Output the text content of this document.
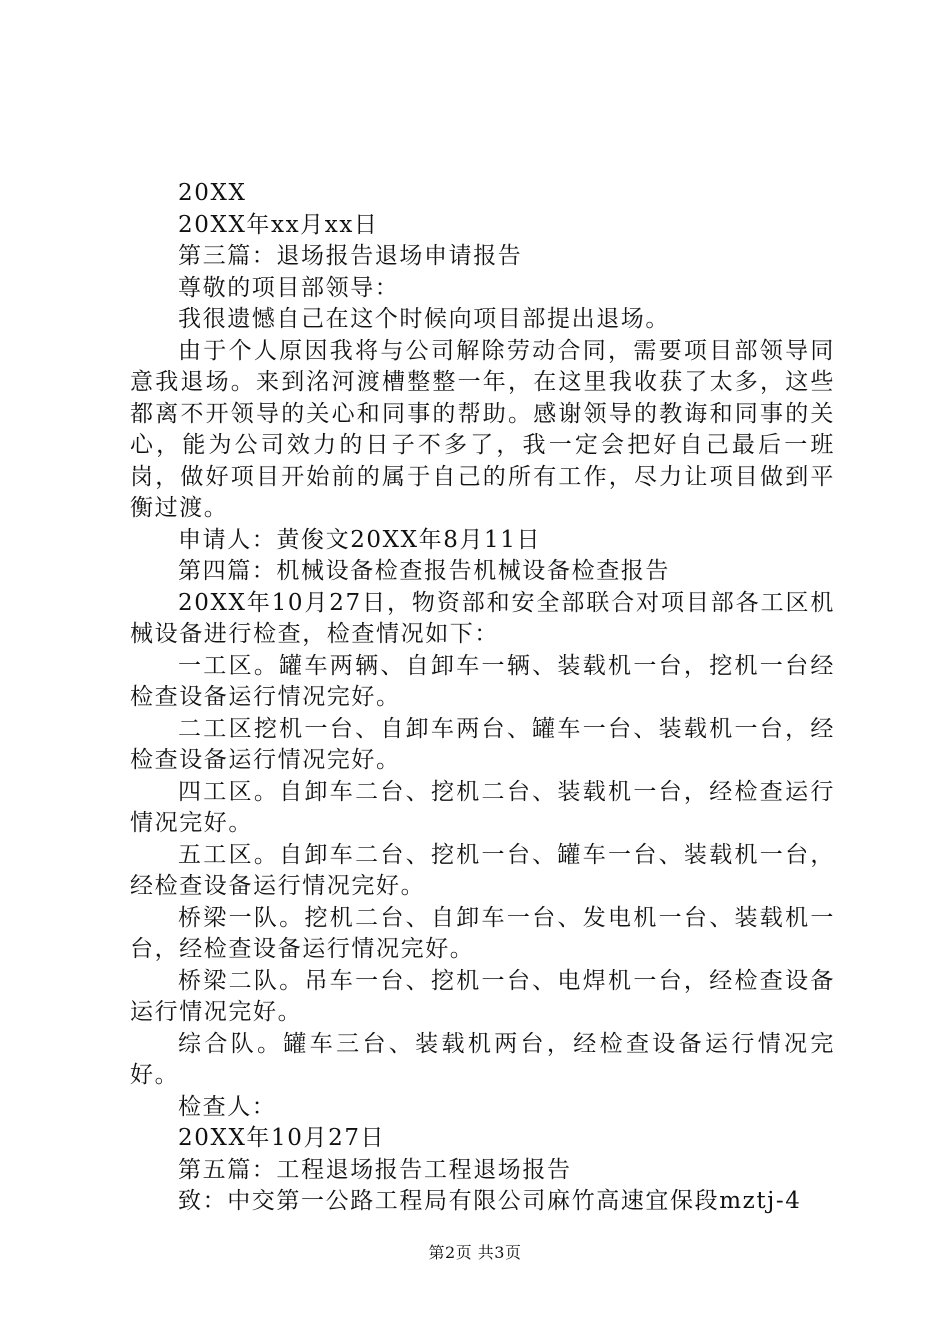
20XX

20XX年xx月xx日

第三篇：退场报告退场申请报告

尊敬的项目部领导：

我很遗憾自己在这个时候向项目部提出退场。

由于个人原因我将与公司解除劳动合同，需要项目部领导同意我退场。来到洺河渡槽整整一年，在这里我收获了太多，这些都离不开领导的关心和同事的帮助。感谢领导的教诲和同事的关心，能为公司效力的日子不多了，我一定会把好自己最后一班岗，做好项目开始前的属于自己的所有工作，尽力让项目做到平衡过渡。

申请人：黄俊文20XX年8月11日

第四篇：机械设备检查报告机械设备检查报告

20XX年10月27日，物资部和安全部联合对项目部各工区机械设备进行检查，检查情况如下：

一工区。罐车两辆、自卸车一辆、装载机一台，挖机一台经检查设备运行情况完好。

二工区挖机一台、自卸车两台、罐车一台、装载机一台，经检查设备运行情况完好。

四工区。自卸车二台、挖机二台、装载机一台，经检查运行情况完好。

五工区。自卸车二台、挖机一台、罐车一台、装载机一台，经检查设备运行情况完好。

桥梁一队。挖机二台、自卸车一台、发电机一台、装载机一台，经检查设备运行情况完好。

桥梁二队。吊车一台、挖机一台、电焊机一台，经检查设备运行情况完好。

综合队。罐车三台、装载机两台，经检查设备运行情况完好。

检查人：

20XX年10月27日

第五篇：工程退场报告工程退场报告

致：中交第一公路工程局有限公司麻竹高速宜保段mztj-4

第2页 共3页
